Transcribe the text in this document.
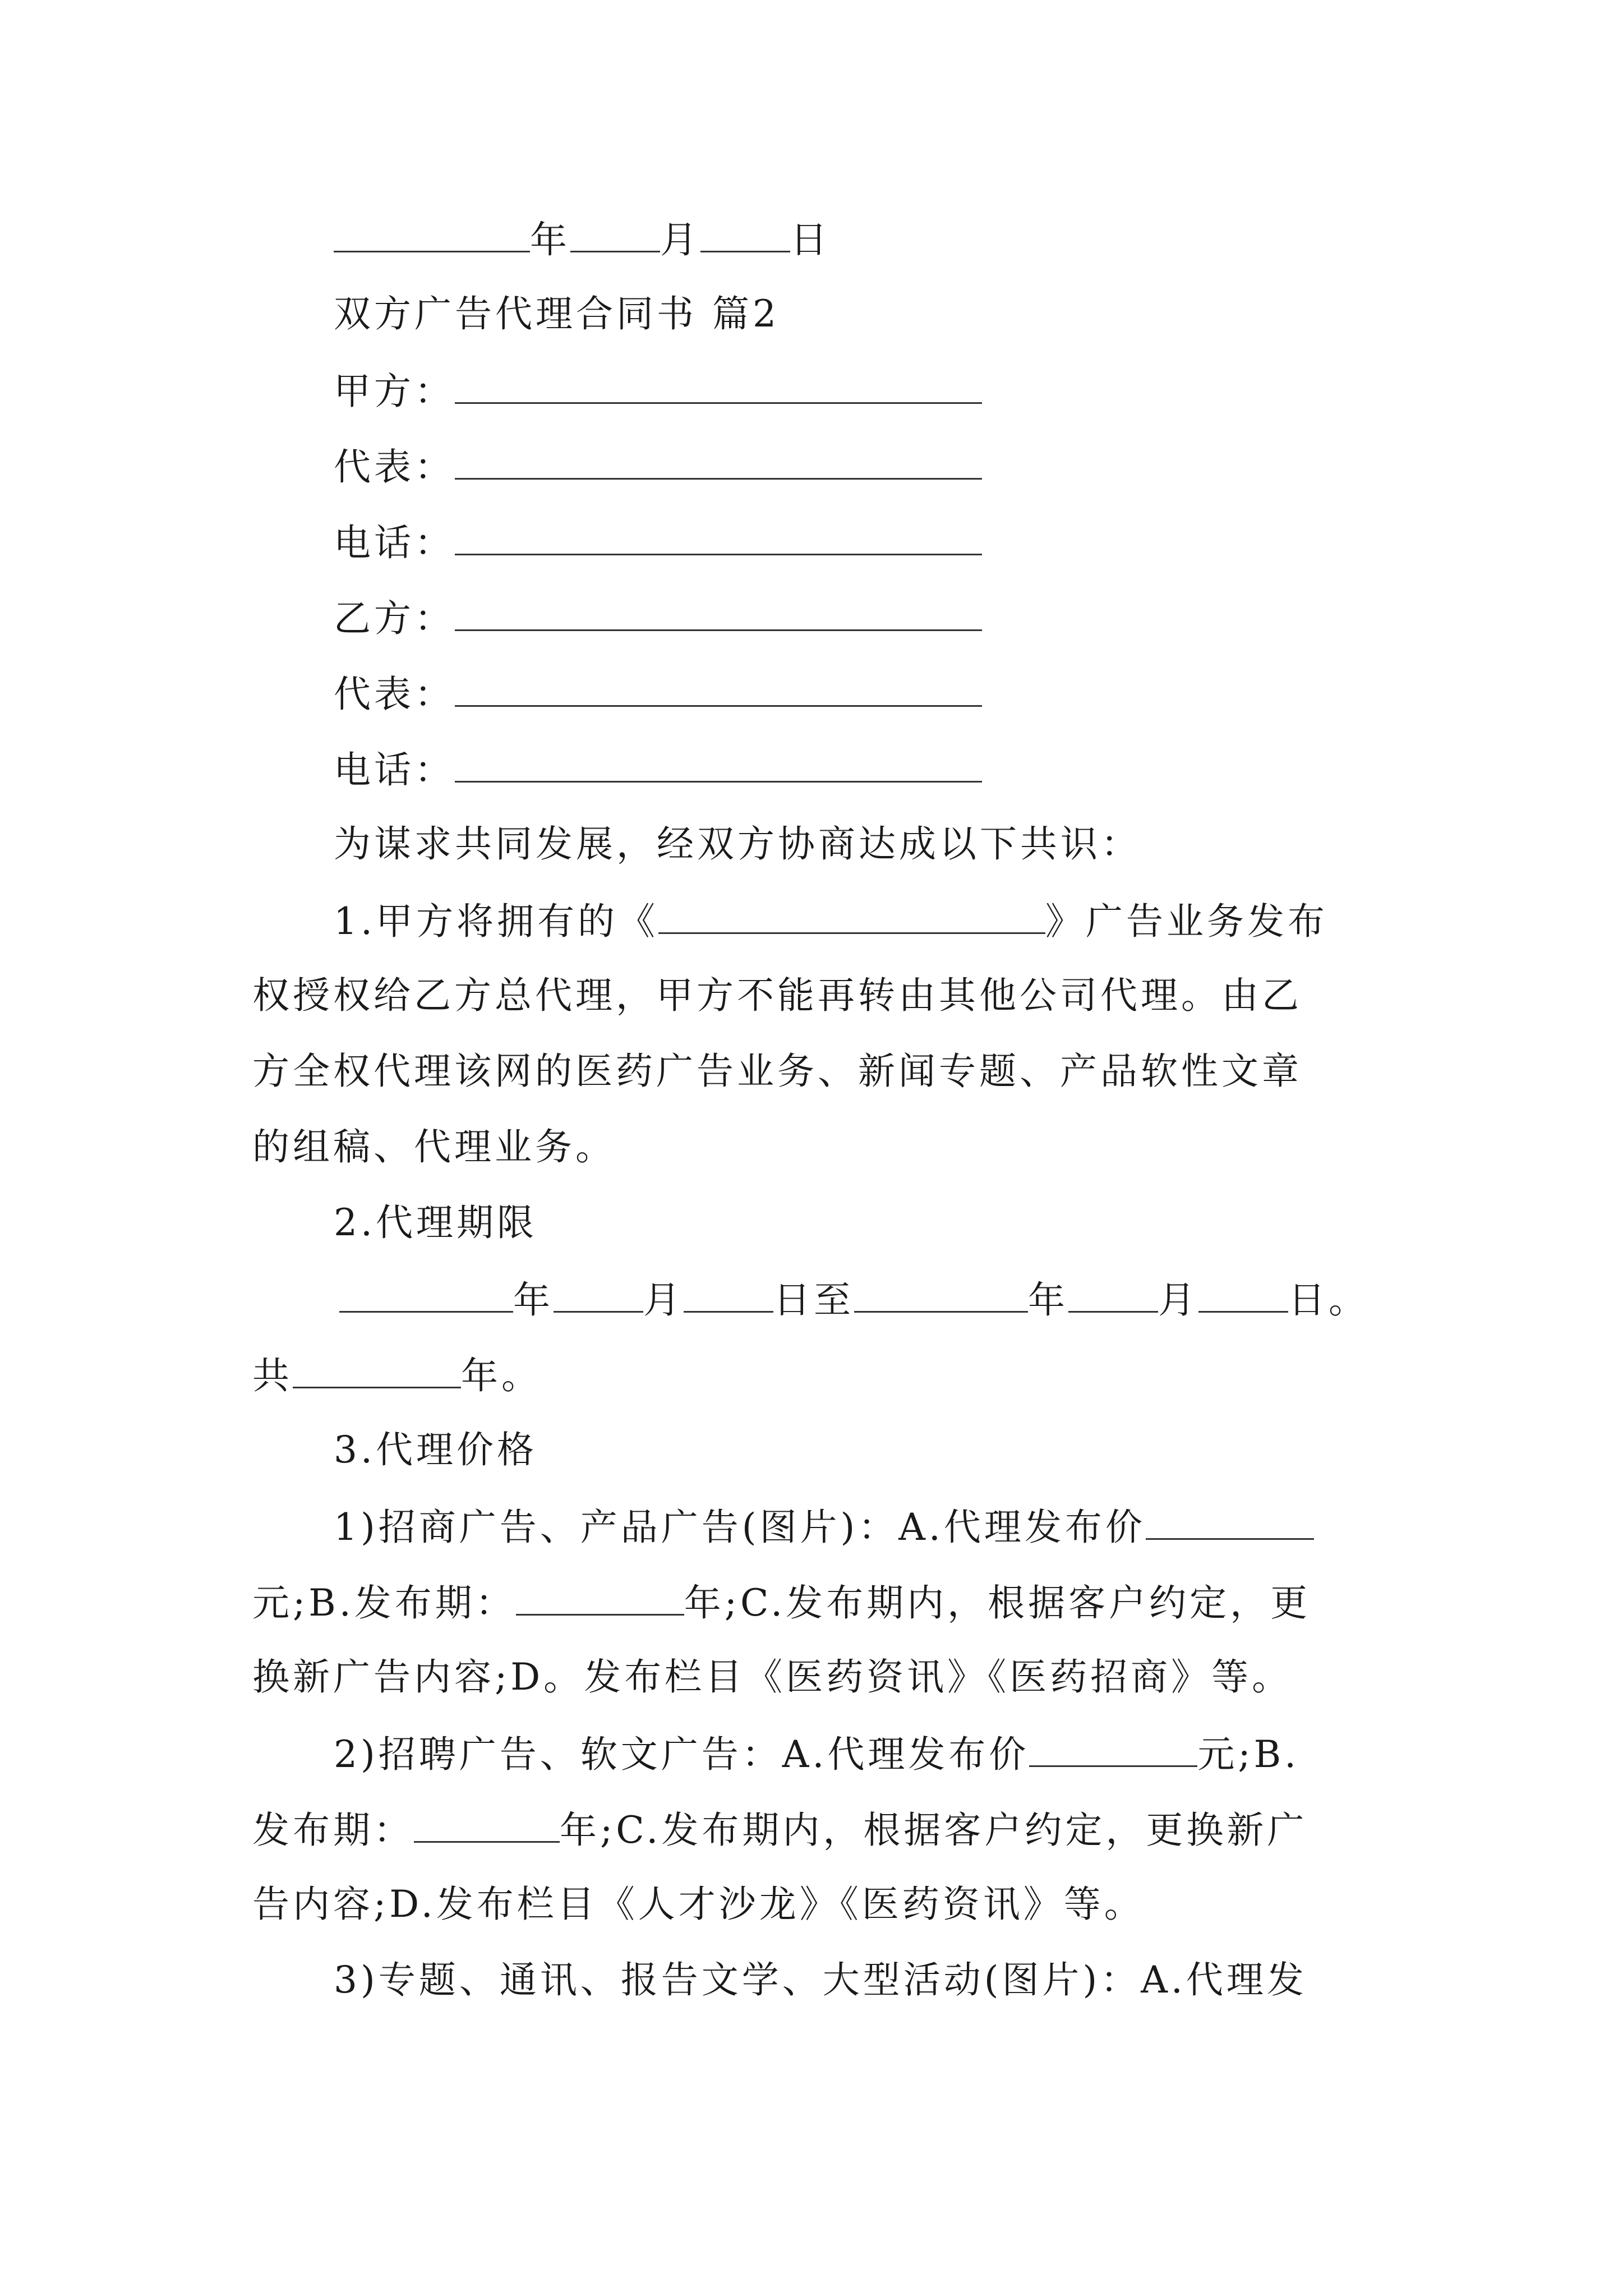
年 月 日
双方广告代理合同书 篇2
甲方：
代表：
电话：
乙方：
代表：
电话：
为谋求共同发展，经双方协商达成以下共识：
1.甲方将拥有的《	》广告业务发布
权授权给乙方总代理，甲方不能再转由其他公司代理。由乙
方全权代理该网的医药广告业务、新闻专题、产品软性文章
的组稿、代理业务。
2.代理期限
年 月 日至	年 月 日。
共	年。
3.代理价格
1)招商广告、产品广告(图片)：A.代理发布价
元;B.发布期：	年;C.发布期内，根据客户约定，更
换新广告内容;D。发布栏目《医药资讯》《医药招商》等。
2)招聘广告、软文广告：A.代理发布价	元;B.
发布期：	年;C.发布期内，根据客户约定，更换新广
告内容;D.发布栏目《人才沙龙》《医药资讯》等。
3)专题、通讯、报告文学、大型活动(图片)：A.代理发
